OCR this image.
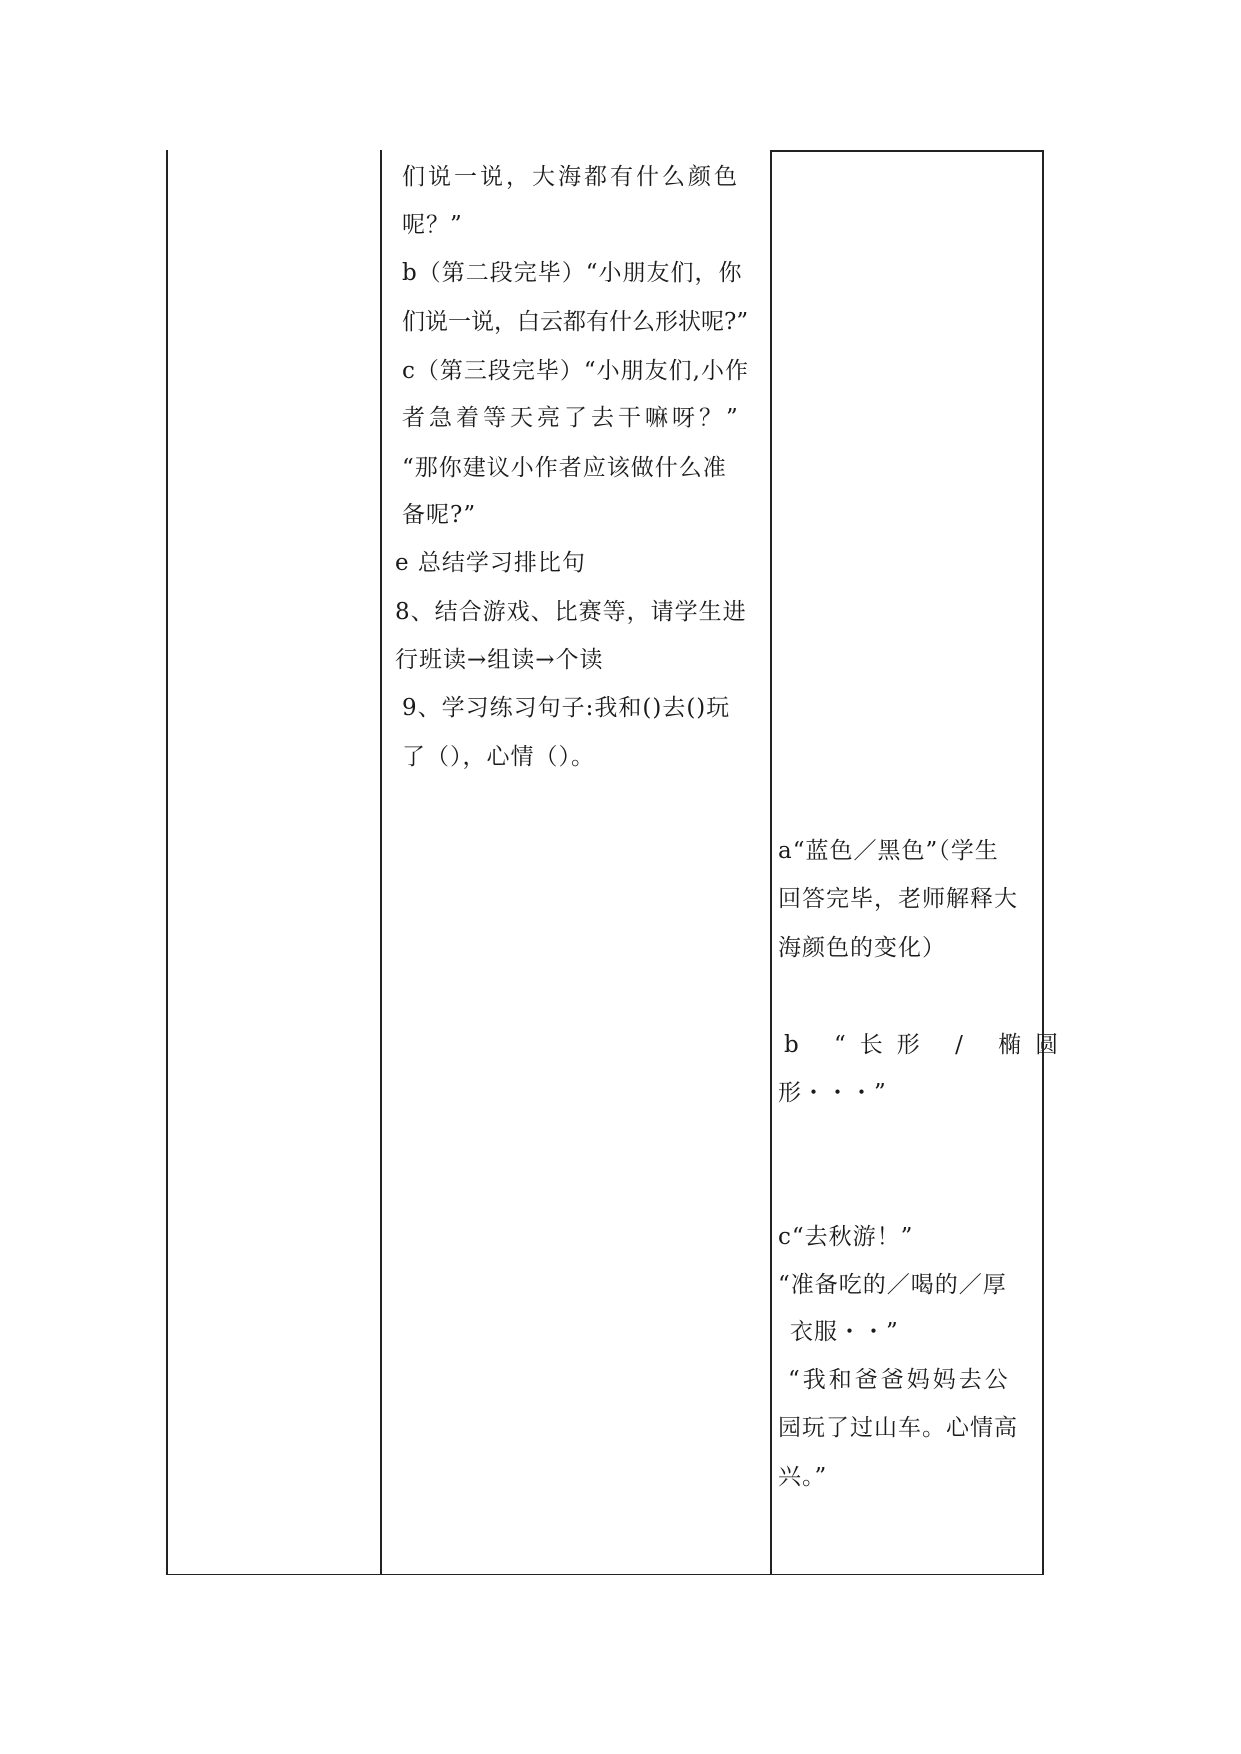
们说一说，大海都有什么颜色
呢？”
b（第二段完毕）“小朋友们，你
们说一说，白云都有什么形状呢?”
c（第三段完毕）“小朋友们,小作
者急着等天亮了去干嘛呀？”
“那你建议小作者应该做什么准
备呢?”
e 总结学习排比句
8、结合游戏、比赛等，请学生进
行班读→组读→个读
9、学习练习句子:我和()去()玩
了（），心情（）。
a“蓝色／黑色”（学生
回答完毕，老师解释大
海颜色的变化）
b “长形 / 椭圆
形・・・”
c“去秋游！”
“准备吃的／喝的／厚
衣服・・”
“我和爸爸妈妈去公
园玩了过山车。心情高
兴。”
